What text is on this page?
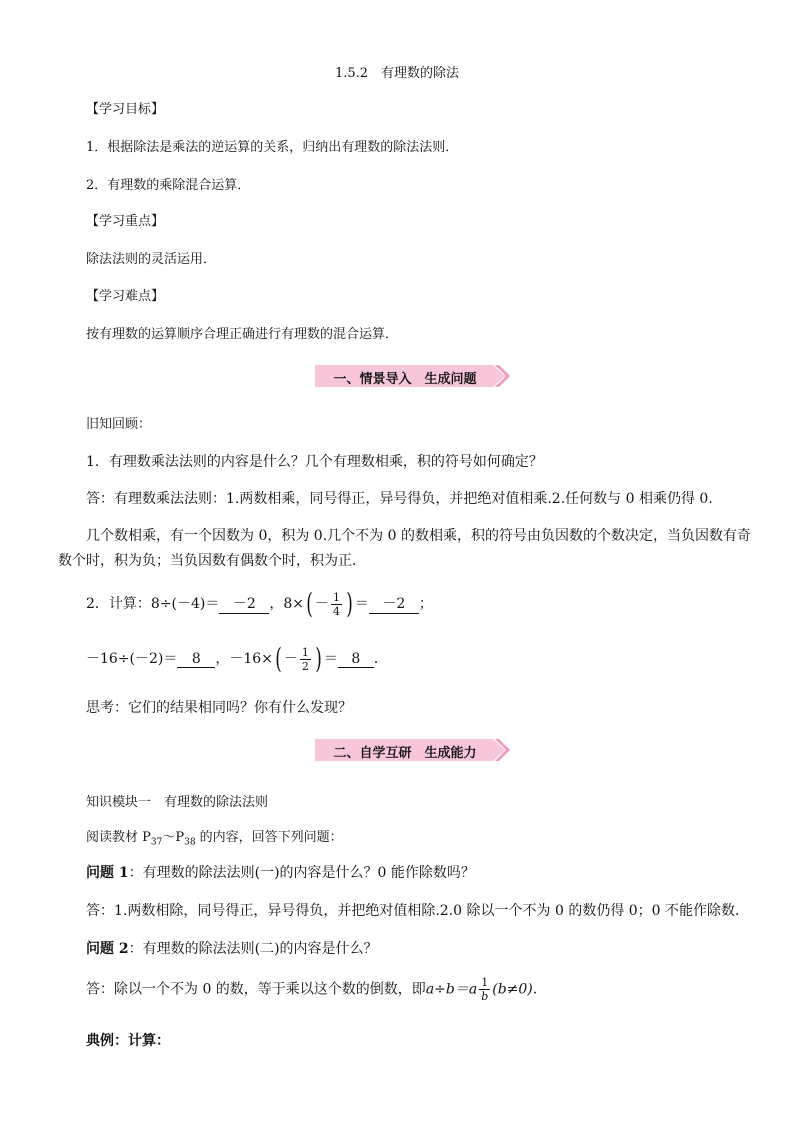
1.5.2　有理数的除法
【学习目标】
1．根据除法是乘法的逆运算的关系，归纳出有理数的除法法则．
2．有理数的乘除混合运算．
【学习重点】
除法法则的灵活运用．
【学习难点】
按有理数的运算顺序合理正确进行有理数的混合运算．
一、情景导入　生成问题
旧知回顾：
1．有理数乘法法则的内容是什么？几个有理数相乘，积的符号如何确定？
答：有理数乘法法则：1.两数相乘，同号得正，异号得负，并把绝对值相乘.2.任何数与 0 相乘仍得 0.
几个数相乘，有一个因数为 0，积为 0.几个不为 0 的数相乘，积的符号由负因数的个数决定，当负因数有奇
数个时，积为负；当负因数有偶数个时，积为正．
2．计算：8÷(－4)＝ －2 ，$8\times( - \frac{1}{4}$ ) ＝ －2 ；
－16÷(－2)＝ 8 ，$-16\times( - \frac{1}{2}$ ) ＝ 8 ．
思考：它们的结果相同吗？你有什么发现？
二、自学互研　生成能力
知识模块一　有理数的除法法则
阅读教材 $P_{37}\sim P_{38}$ 的内容，回答下列问题：
问题 1：有理数的除法法则(一)的内容是什么？0 能作除数吗？
答：1.两数相除，同号得正，异号得负，并把绝对值相除.2.0 除以一个不为 0 的数仍得 0；0 不能作除数．
问题 2：有理数的除法法则(二)的内容是什么？
答：除以一个不为 0 的数，等于乘以这个数的倒数，即$a\div b=a \frac{1}{b} (b\ne 0)$.
典例：计算：
